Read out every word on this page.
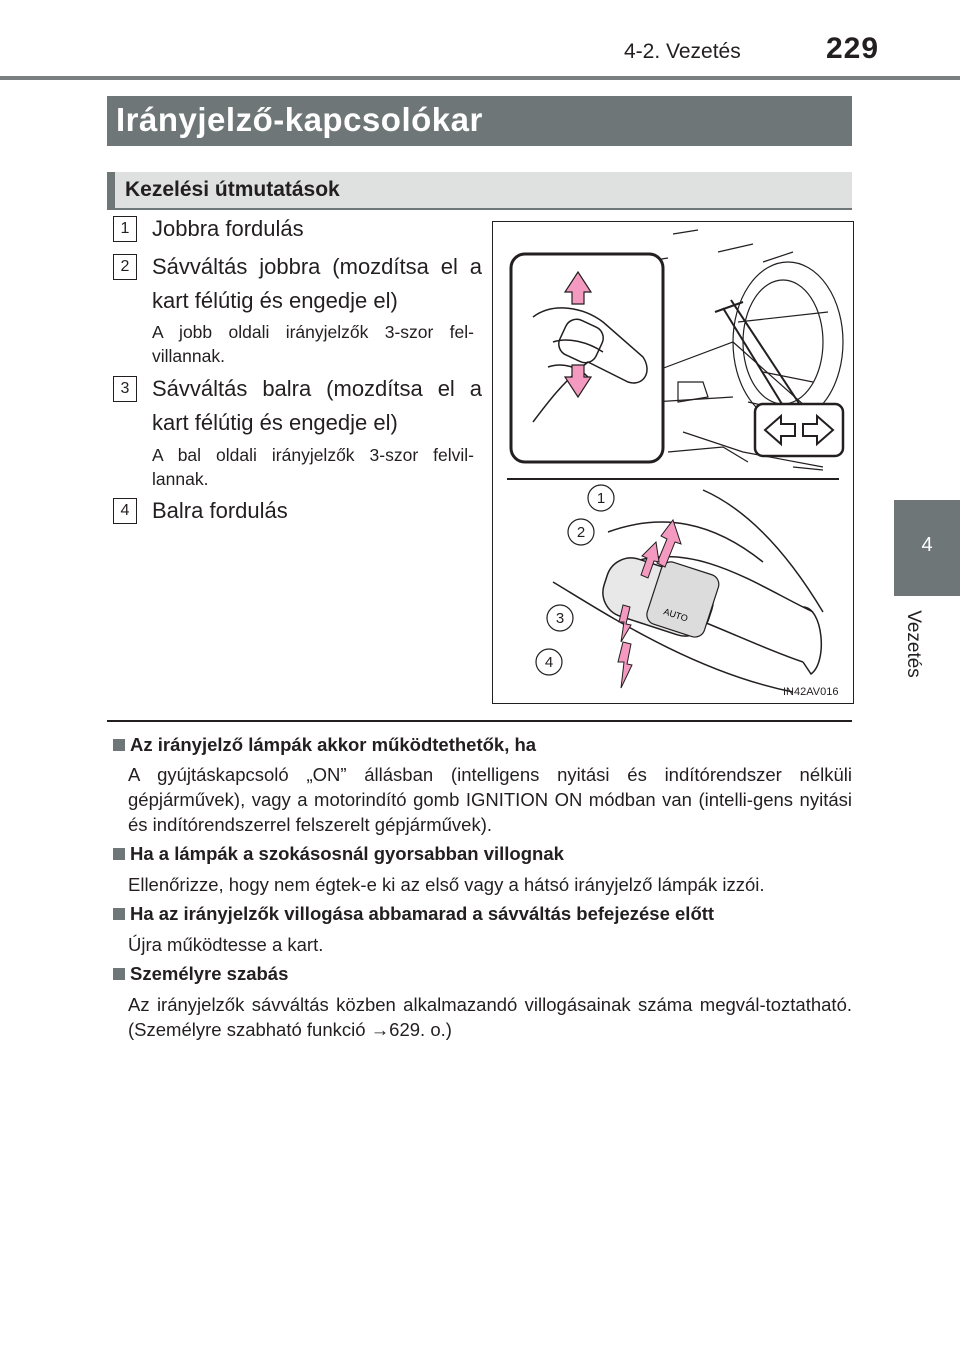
4-2. Vezetés	229
4
Vezetés
Irányjelző-kapcsolókar
Kezelési útmutatások
1	Jobbra fordulás
2	Sávváltás jobbra (mozdítsa el a kart félútig és engedje el)
A jobb oldali irányjelzők 3-szor fel-villannak.
3	Sávváltás balra (mozdítsa el a kart félútig és engedje el)
A bal oldali irányjelzők 3-szor felvil-lannak.
4	Balra fordulás
AUTO
1
2
3
4
IN42AV016
Az irányjelző lámpák akkor működtethetők, ha
A gyújtáskapcsoló „ON” állásban (intelligens nyitási és indítórendszer nélküli gépjárművek), vagy a motorindító gomb IGNITION ON módban van (intelli-gens nyitási és indítórendszerrel felszerelt gépjárművek).
Ha a lámpák a szokásosnál gyorsabban villognak
Ellenőrizze, hogy nem égtek-e ki az első vagy a hátsó irányjelző lámpák izzói.
Ha az irányjelzők villogása abbamarad a sávváltás befejezése előtt
Újra működtesse a kart.
Személyre szabás
Az irányjelzők sávváltás közben alkalmazandó villogásainak száma megvál-toztatható. (Személyre szabható funkció →629. o.)
